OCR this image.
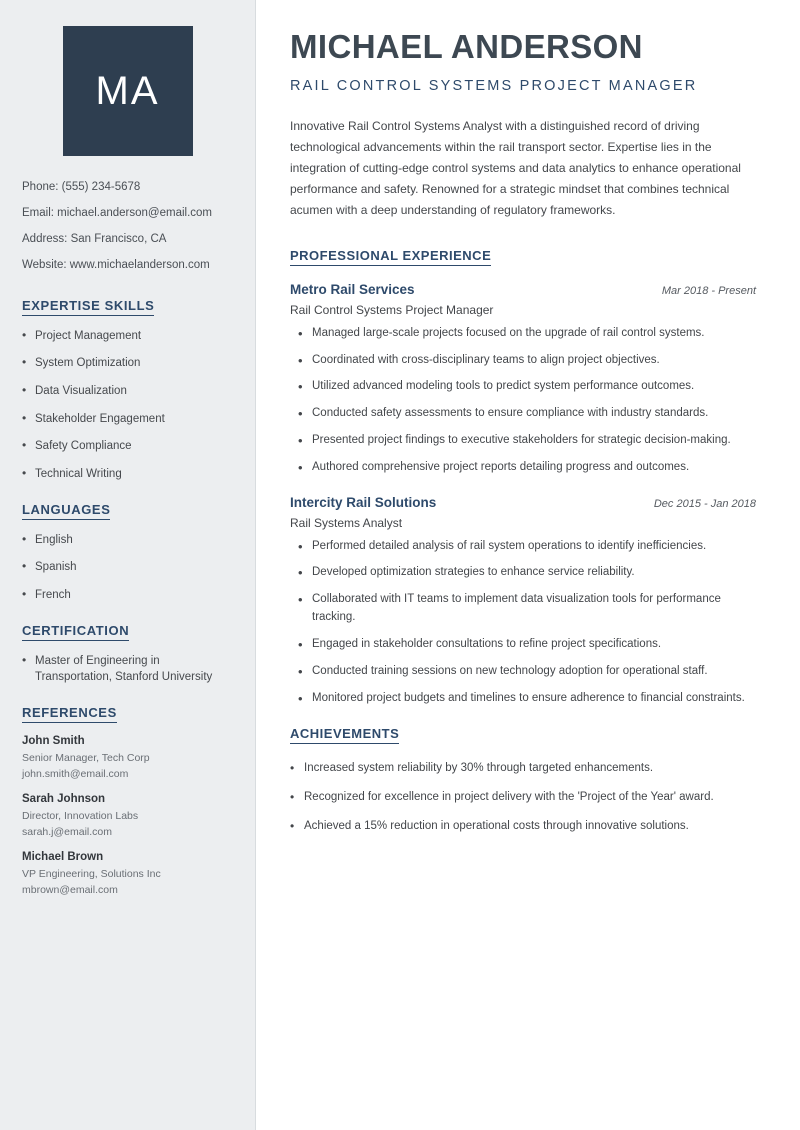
MA
Phone: (555) 234-5678
Email: michael.anderson@email.com
Address: San Francisco, CA
Website: www.michaelanderson.com
EXPERTISE SKILLS
• Project Management
• System Optimization
• Data Visualization
• Stakeholder Engagement
• Safety Compliance
• Technical Writing
LANGUAGES
• English
• Spanish
• French
CERTIFICATION
• Master of Engineering in Transportation, Stanford University
REFERENCES
John Smith
Senior Manager, Tech Corp
john.smith@email.com
Sarah Johnson
Director, Innovation Labs
sarah.j@email.com
Michael Brown
VP Engineering, Solutions Inc
mbrown@email.com
MICHAEL ANDERSON
RAIL CONTROL SYSTEMS PROJECT MANAGER

Innovative Rail Control Systems Analyst with a distinguished record of driving technological advancements within the rail transport sector. Expertise lies in the integration of cutting-edge control systems and data analytics to enhance operational performance and safety. Renowned for a strategic mindset that combines technical acumen with a deep understanding of regulatory frameworks.

PROFESSIONAL EXPERIENCE
Metro Rail Services	Mar 2018 - Present
Rail Control Systems Project Manager
• Managed large-scale projects focused on the upgrade of rail control systems.
• Coordinated with cross-disciplinary teams to align project objectives.
• Utilized advanced modeling tools to predict system performance outcomes.
• Conducted safety assessments to ensure compliance with industry standards.
• Presented project findings to executive stakeholders for strategic decision-making.
• Authored comprehensive project reports detailing progress and outcomes.
Intercity Rail Solutions	Dec 2015 - Jan 2018
Rail Systems Analyst
• Performed detailed analysis of rail system operations to identify inefficiencies.
• Developed optimization strategies to enhance service reliability.
• Collaborated with IT teams to implement data visualization tools for performance tracking.
• Engaged in stakeholder consultations to refine project specifications.
• Conducted training sessions on new technology adoption for operational staff.
• Monitored project budgets and timelines to ensure adherence to financial constraints.
ACHIEVEMENTS
• Increased system reliability by 30% through targeted enhancements.
• Recognized for excellence in project delivery with the 'Project of the Year' award.
• Achieved a 15% reduction in operational costs through innovative solutions.
